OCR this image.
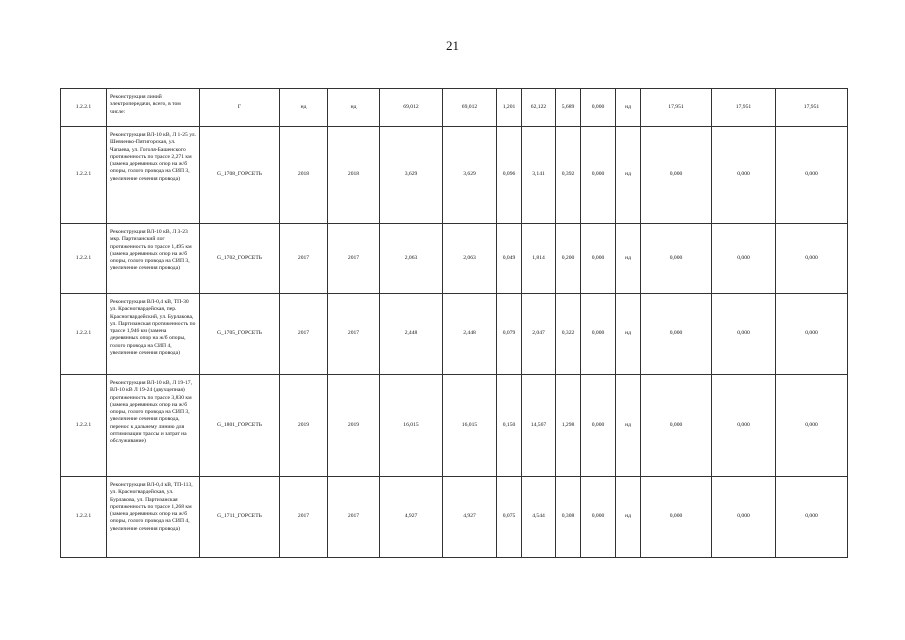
21
1.2.2.1	Реконструкция линий электропередачи, всего, в том числе:	Г	нд	нд	69,012	69,012	1,201	62,122	5,689	0,000	нд	17,951	17,951	17,951
1.2.2.1	Реконструкция ВЛ-10 кВ, Л 1-25 ул. Шевченко-Пятигорская, ул. Чапаева, ул. Гоголя-Башенского протяженность по трассе 2,271 км (замена деревянных опор на ж/б опоры, голого провода на СИП 3, увеличение сечения провода)	G_1708_ГОРСЕТЬ	2018	2018	3,629	3,629	0,096	3,141	0,392	0,000	нд	0,000	0,000	0,000
1.2.2.1	Реконструкция ВЛ-10 кВ, Л 3-23 мкр. Партизанский лог протяженность по трассе 1,495 км (замена деревянных опор на ж/б опоры, голого провода на СИП 3, увеличение сечения провода)	G_1702_ГОРСЕТЬ	2017	2017	2,063	2,063	0,049	1,814	0,200	0,000	нд	0,000	0,000	0,000
1.2.2.1	Реконструкция ВЛ-0,4 кВ, ТП-30 ул. Красногвардейская, пер. Красногвардейский, ул. Бурлакова, ул. Партизанская протяженность по трассе 1,946 км (замена деревянных опор на ж/б опоры, голого провода на СИП 4, увеличение сечения провода)	G_1705_ГОРСЕТЬ	2017	2017	2,448	2,448	0,079	2,047	0,322	0,000	нд	0,000	0,000	0,000
1.2.2.1	Реконструкция ВЛ-10 кВ, Л 19-17, ВЛ-10 кВ Л 19-24 (двухцепная) протяженность по трассе 3,830 км (замена деревянных опор на ж/б опоры, голого провода на СИП 3, увеличение сечения провода, перенос к дальнему линию для оптимизации трассы и затрат на обслуживание)	G_1801_ГОРСЕТЬ	2019	2019	16,015	16,015	0,150	14,567	1,298	0,000	нд	0,000	0,000	0,000
1.2.2.1	Реконструкция ВЛ-0,4 кВ, ТП-113, ул. Красногвардейская, ул. Бурлакова, ул. Партизанская протяженность по трассе 1,268 км (замена деревянных опор на ж/б опоры, голого провода на СИП 4, увеличение сечения провода)	G_1711_ГОРСЕТЬ	2017	2017	4,927	4,927	0,075	4,544	0,308	0,000	нд	0,000	0,000	0,000
